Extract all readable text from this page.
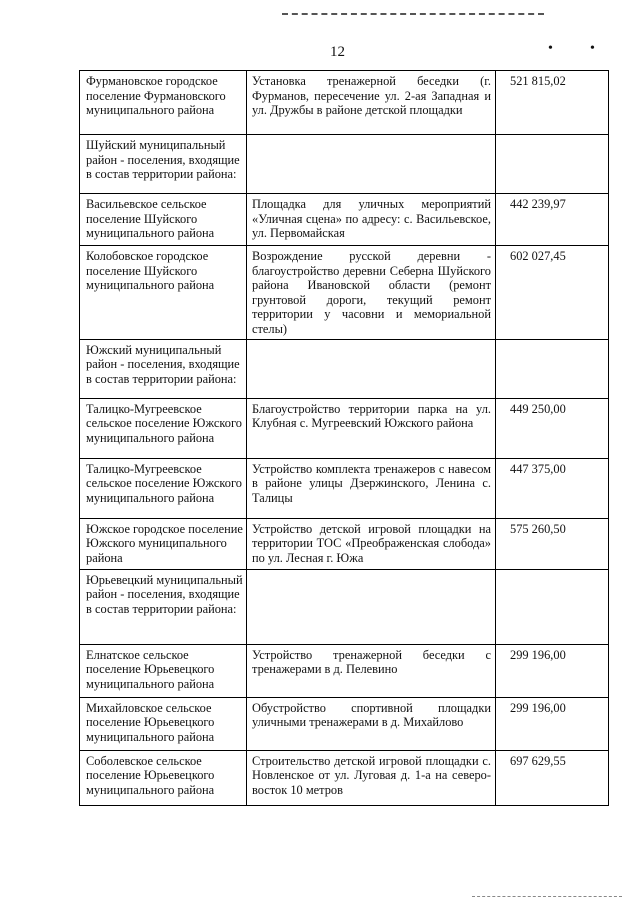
12	•	•
Фурмановское городское поселение Фурмановского муниципального района	Установка тренажерной беседки (г. Фурманов, пересечение ул. 2-ая Западная и ул. Дружбы в районе детской площадки	521 815,02
Шуйский муниципальный район - поселения, входящие в состав территории района:		
Васильевское сельское поселение Шуйского муниципального района	Площадка для уличных мероприятий «Уличная сцена» по адресу: с. Васильевское, ул. Первомайская	442 239,97
Колобовское городское поселение Шуйского муниципального района	Возрождение русской деревни - благоустройство деревни Себерна Шуйского района Ивановской области (ремонт грунтовой дороги, текущий ремонт территории у часовни и мемориальной стелы)	602 027,45
Южский муниципальный район - поселения, входящие в состав территории района:		
Талицко-Мугреевское сельское поселение Южского муниципального района	Благоустройство территории парка на ул. Клубная с. Мугреевский Южского района	449 250,00
Талицко-Мугреевское сельское поселение Южского муниципального района	Устройство комплекта тренажеров с навесом в районе улицы Дзержинского, Ленина с. Талицы	447 375,00
Южское городское поселение Южского муниципального района	Устройство детской игровой площадки на территории ТОС «Преображенская слобода» по ул. Лесная г. Южа	575 260,50
Юрьевецкий муниципальный район - поселения, входящие в состав территории района:		
Елнатское сельское поселение Юрьевецкого муниципального района	Устройство тренажерной беседки с тренажерами в д. Пелевино	299 196,00
Михайловское сельское поселение Юрьевецкого муниципального района	Обустройство спортивной площадки уличными тренажерами в д. Михайлово	299 196,00
Соболевское сельское поселение Юрьевецкого муниципального района	Строительство детской игровой площадки с. Новленское от ул. Луговая д. 1-а на северо-восток 10 метров	697 629,55
